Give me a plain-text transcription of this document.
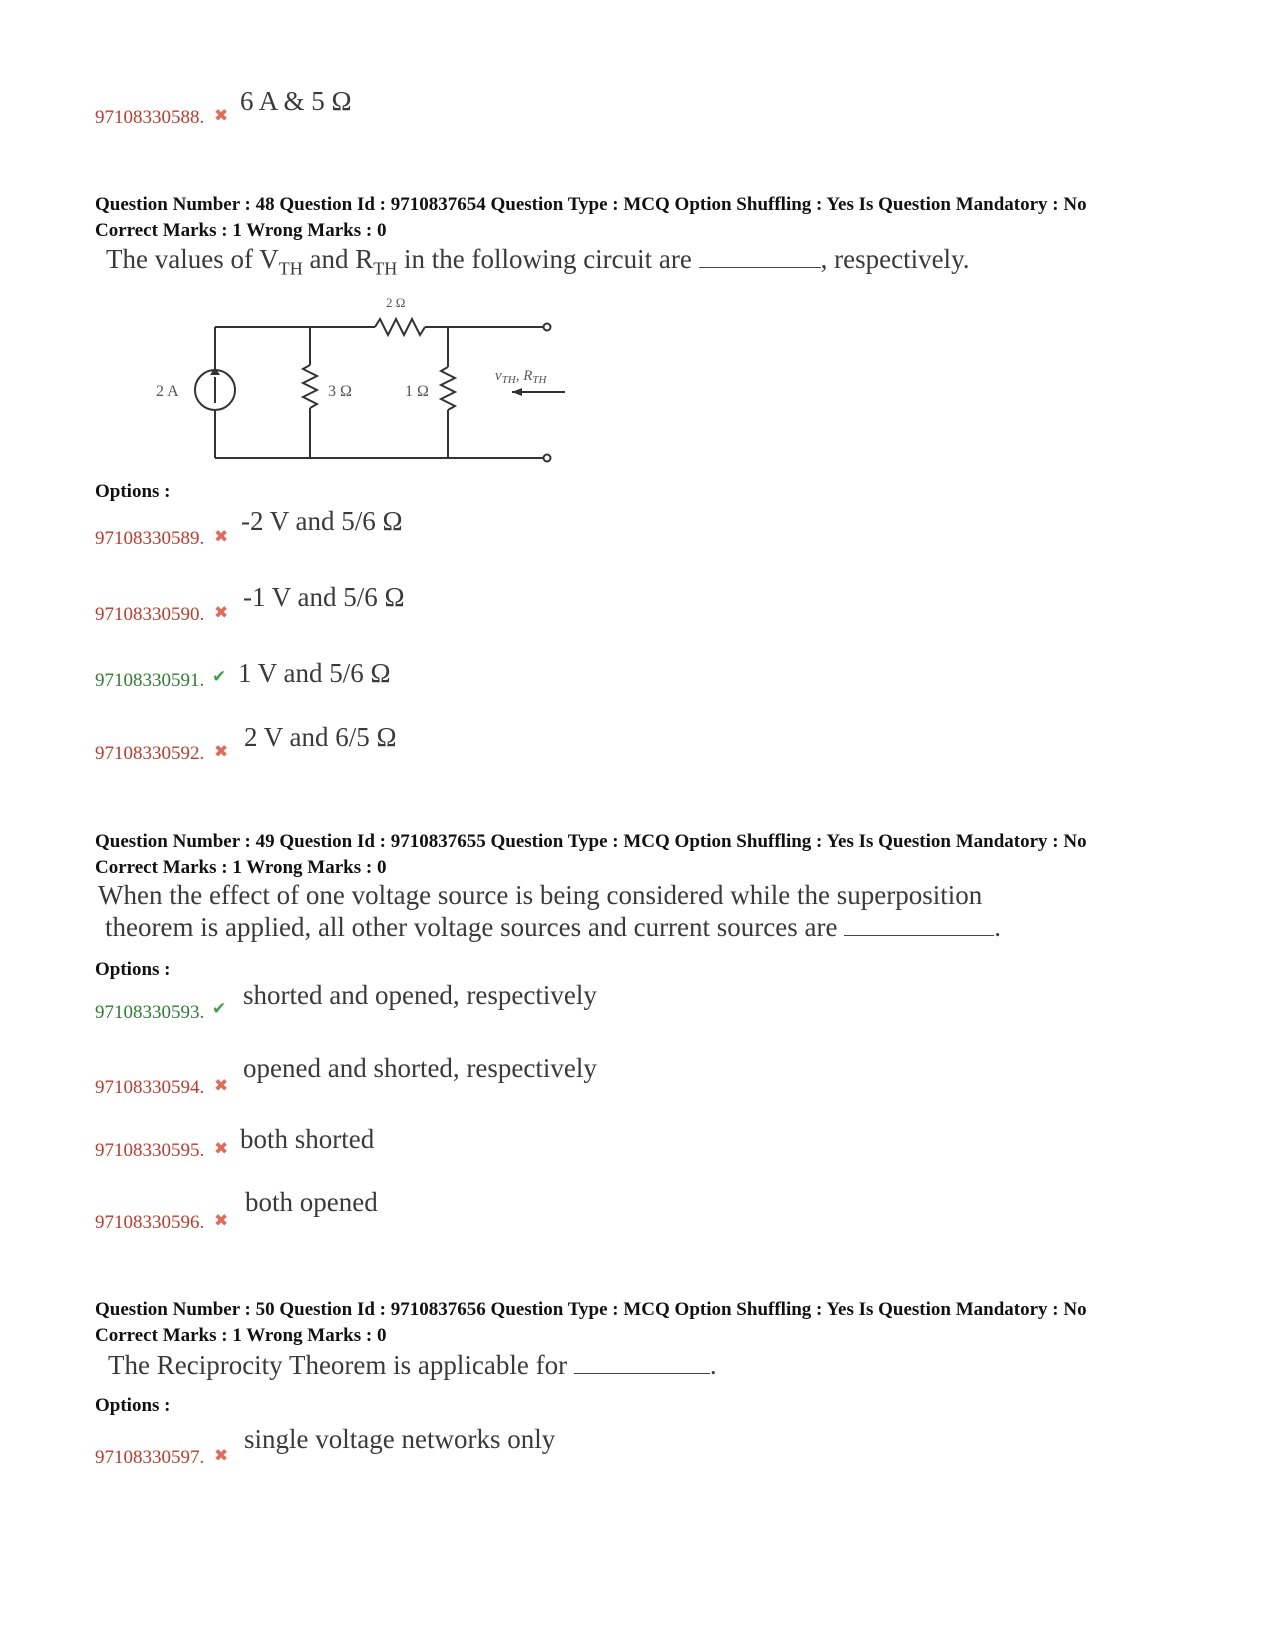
97108330588. ✖ 6 A & 5 Ω
Question Number : 48 Question Id : 9710837654 Question Type : MCQ Option Shuffling : Yes Is Question Mandatory : No
Correct Marks : 1 Wrong Marks : 0
The values of $V_{TH}$ and $R_{TH}$ in the following circuit are	, respectively.
2 A	3 Ω
2 Ω
1 Ω
$v_{TH}$, $R_{TH}$
Options :
97108330589. ✖
-2 V and 5/6 Ω
97108330590. ✖
-1 V and 5/6 Ω
97108330591. ✔ 1 V and 5/6 Ω
97108330592. ✖ 2 V and 6/5 Ω
Question Number : 49 Question Id : 9710837655 Question Type : MCQ Option Shuffling : Yes Is Question Mandatory : No
Correct Marks : 1 Wrong Marks : 0
When the effect of one voltage source is being considered while the superposition
theorem is applied, all other voltage sources and current sources are	.
Options :
97108330593. ✔ shorted and opened, respectively
97108330594. ✖
opened and shorted, respectively
97108330595. ✖ both shorted
97108330596. ✖
both opened
Question Number : 50 Question Id : 9710837656 Question Type : MCQ Option Shuffling : Yes Is Question Mandatory : No
Correct Marks : 1 Wrong Marks : 0
The Reciprocity Theorem is applicable for	.
Options :
97108330597. ✖
single voltage networks only
